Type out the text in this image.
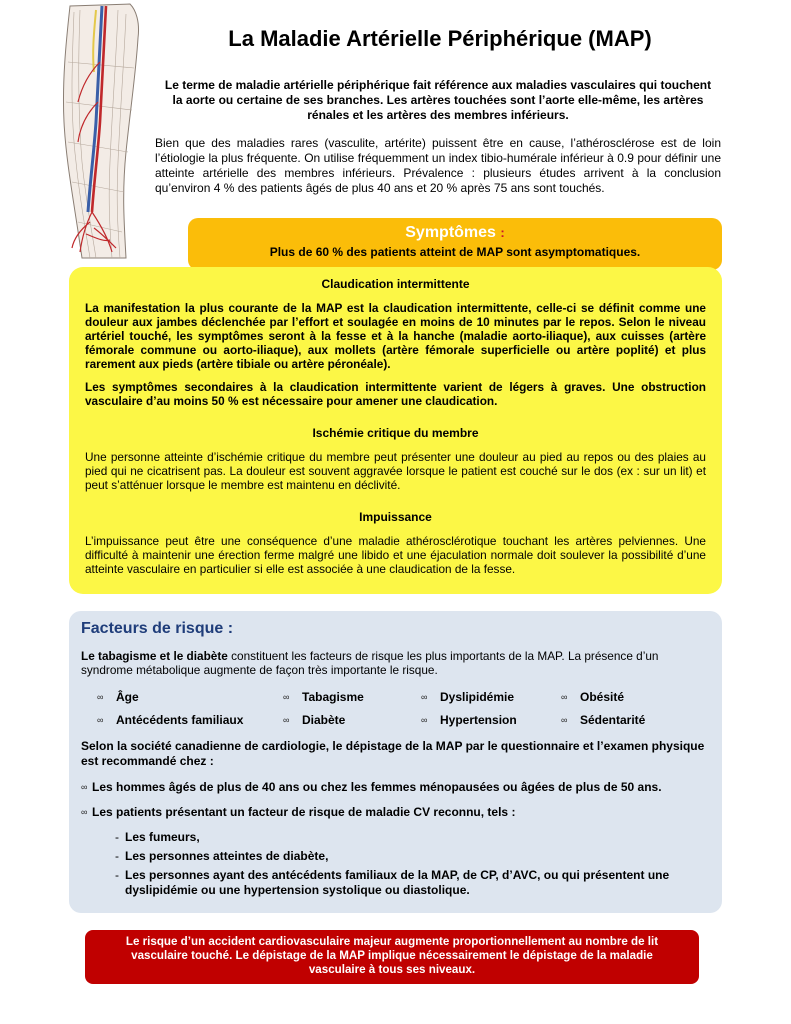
La Maladie Artérielle Périphérique (MAP)
Le terme de maladie artérielle périphérique fait référence aux maladies vasculaires qui touchent la aorte ou certaine de ses branches. Les artères touchées sont l’aorte elle-même, les artères rénales et les artères des membres inférieurs.
Bien que des maladies rares (vasculite, artérite) puissent être en cause, l’athérosclérose est de loin l’étiologie la plus fréquente. On utilise fréquemment un index tibio-humérale inférieur à 0.9 pour définir une atteinte artérielle des membres inférieurs. Prévalence : plusieurs études arrivent à la conclusion qu’environ 4 % des patients âgés de plus 40 ans et 20 % après 75 ans sont touchés.
Symptômes :
Plus de 60 % des patients atteint de MAP sont asymptomatiques.
Claudication intermittente

La manifestation la plus courante de la MAP est la claudication intermittente, celle-ci se définit comme une douleur aux jambes déclenchée par l’effort et soulagée en moins de 10 minutes par le repos. Selon le niveau artériel touché, les symptômes seront à la fesse et à la hanche (maladie aorto-iliaque), aux cuisses (artère fémorale commune ou aorto-iliaque), aux mollets (artère fémorale superficielle ou artère poplité) et plus rarement aux pieds (artère tibiale ou artère péronéale).

Les symptômes secondaires à la claudication intermittente varient de légers à graves. Une obstruction vasculaire d’au moins 50 % est nécessaire pour amener une claudication.

Ischémie critique du membre

Une personne atteinte d’ischémie critique du membre peut présenter une douleur au pied au repos ou des plaies au pied qui ne cicatrisent pas. La douleur est souvent aggravée lorsque le patient est couché sur le dos (ex : sur un lit) et peut s’atténuer lorsque le membre est maintenu en déclivité.

Impuissance

L’impuissance peut être une conséquence d’une maladie athérosclérotique touchant les artères pelviennes. Une difficulté à maintenir une érection ferme malgré une libido et une éjaculation normale doit soulever la possibilité d’une atteinte vasculaire en particulier si elle est associée à une claudication de la fesse.

Facteurs de risque :
Le tabagisme et le diabète constituent les facteurs de risque les plus importants de la MAP. La présence d’un syndrome métabolique augmente de façon très importante le risque.
∞	Âge	∞	Tabagisme	∞	Dyslipidémie	∞	Obésité
∞	Antécédents familiaux	∞	Diabète	∞	Hypertension	∞	Sédentarité
Selon la société canadienne de cardiologie, le dépistage de la MAP par le questionnaire et l’examen physique est recommandé chez :
∞ Les hommes âgés de plus de 40 ans ou chez les femmes ménopausées ou âgées de plus de 50 ans.
∞ Les patients présentant un facteur de risque de maladie CV reconnu, tels :
- Les fumeurs,
- Les personnes atteintes de diabète,
- Les personnes ayant des antécédents familiaux de la MAP, de CP, d’AVC, ou qui présentent une dyslipidémie ou une hypertension systolique ou diastolique.
Le risque d’un accident cardiovasculaire majeur augmente proportionnellement au nombre de lit vasculaire touché. Le dépistage de la MAP implique nécessairement le dépistage de la maladie vasculaire à tous ses niveaux.
